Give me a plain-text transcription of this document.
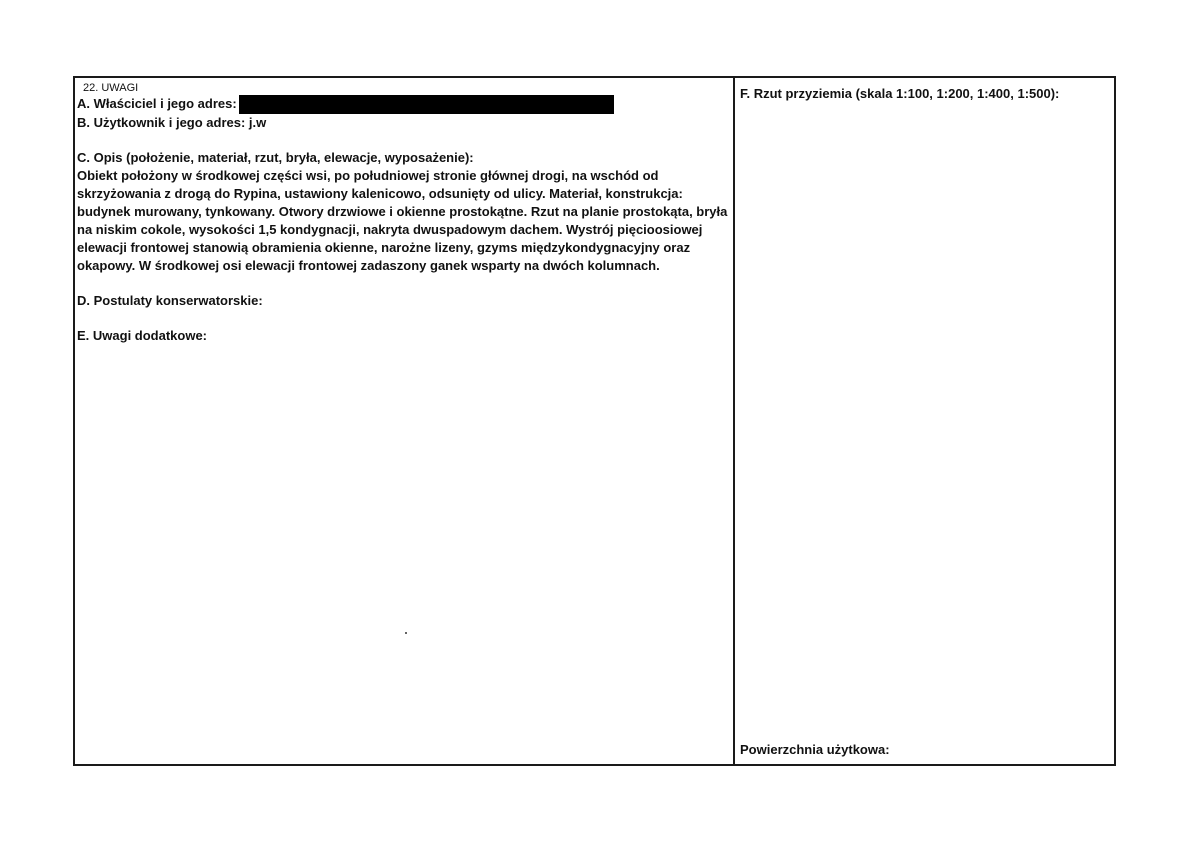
22. UWAGI
A. Właściciel i jego adres:
B. Użytkownik i jego adres: j.w
C. Opis (położenie, materiał, rzut, bryła, elewacje, wyposażenie):
Obiekt położony w środkowej części wsi, po południowej stronie głównej drogi, na wschód od skrzyżowania z drogą do Rypina, ustawiony kalenicowo, odsunięty od ulicy. Materiał, konstrukcja: budynek murowany, tynkowany. Otwory drzwiowe i okienne prostokątne. Rzut na planie prostokąta, bryła na niskim cokole, wysokości 1,5 kondygnacji, nakryta dwuspadowym dachem. Wystrój pięcioosiowej elewacji frontowej stanowią obramienia okienne, narożne lizeny, gzyms międzykondygnacyjny oraz okapowy. W środkowej osi elewacji frontowej zadaszony ganek wsparty na dwóch kolumnach.
D. Postulaty konserwatorskie:
E. Uwagi dodatkowe:
F. Rzut przyziemia (skala 1:100, 1:200, 1:400, 1:500):
Powierzchnia użytkowa:
